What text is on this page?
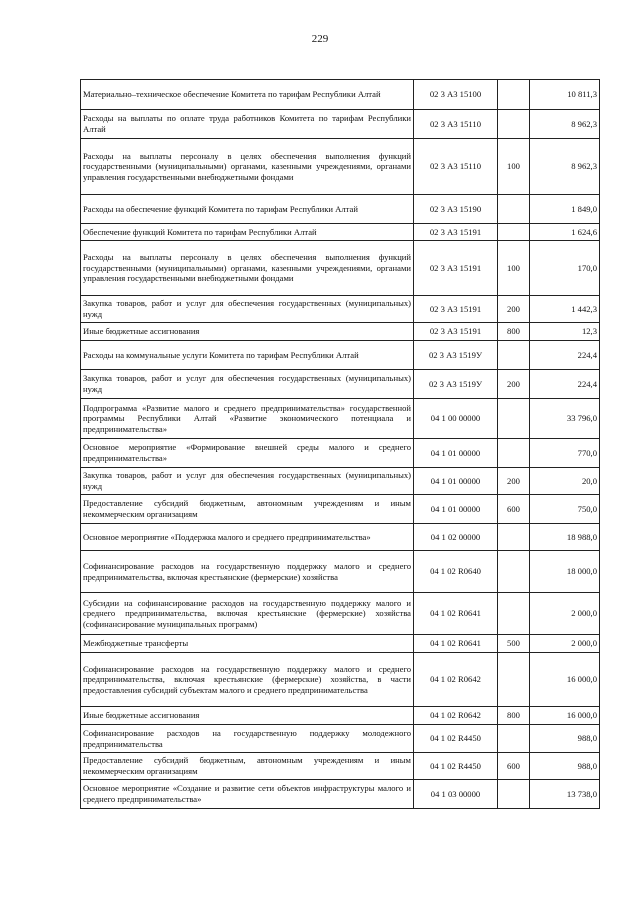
229
Материально–техническое обеспечение Комитета по тарифам Республики Алтай	02 3 А3 15100		10 811,3
Расходы на выплаты по оплате труда работников Комитета по тарифам Республики Алтай	02 3 А3 15110		8 962,3
Расходы на выплаты персоналу в целях обеспечения выполнения функций государственными (муниципальными) органами, казенными учреждениями, органами управления государственными внебюджетными фондами	02 3 А3 15110	100	8 962,3
Расходы на обеспечение функций Комитета по тарифам Республики Алтай	02 3 А3 15190		1 849,0
Обеспечение функций Комитета по тарифам Республики Алтай	02 3 А3 15191		1 624,6
Расходы на выплаты персоналу в целях обеспечения выполнения функций государственными (муниципальными) органами, казенными учреждениями, органами управления государственными внебюджетными фондами	02 3 А3 15191	100	170,0
Закупка товаров, работ и услуг для обеспечения государственных (муниципальных) нужд	02 3 А3 15191	200	1 442,3
Иные бюджетные ассигнования	02 3 А3 15191	800	12,3
Расходы на коммунальные услуги Комитета по тарифам Республики Алтай	02 3 А3 1519У		224,4
Закупка товаров, работ и услуг для обеспечения государственных (муниципальных) нужд	02 3 А3 1519У	200	224,4
Подпрограмма «Развитие малого и среднего предпринимательства» государственной программы Республики Алтай «Развитие экономического потенциала и предпринимательства»	04 1 00 00000		33 796,0
Основное мероприятие «Формирование внешней среды малого и среднего предпринимательства»	04 1 01 00000		770,0
Закупка товаров, работ и услуг для обеспечения государственных (муниципальных) нужд	04 1 01 00000	200	20,0
Предоставление субсидий бюджетным, автономным учреждениям и иным некоммерческим организациям	04 1 01 00000	600	750,0
Основное мероприятие «Поддержка малого и среднего предпринимательства»	04 1 02 00000		18 988,0
Софинансирование расходов на государственную поддержку малого и среднего предпринимательства, включая крестьянские (фермерские) хозяйства	04 1 02 R0640		18 000,0
Субсидии на софинансирование расходов на государственную поддержку малого и среднего предпринимательства, включая крестьянские (фермерские) хозяйства (софинансирование муниципальных программ)	04 1 02 R0641		2 000,0
Межбюджетные трансферты	04 1 02 R0641	500	2 000,0
Софинансирование расходов на государственную поддержку малого и среднего предпринимательства, включая крестьянские (фермерские) хозяйства, в части предоставления субсидий субъектам малого и среднего предпринимательства	04 1 02 R0642		16 000,0
Иные бюджетные ассигнования	04 1 02 R0642	800	16 000,0
Софинансирование расходов на государственную поддержку молодежного предпринимательства	04 1 02 R4450		988,0
Предоставление субсидий бюджетным, автономным учреждениям и иным некоммерческим организациям	04 1 02 R4450	600	988,0
Основное мероприятие «Создание и развитие сети объектов инфраструктуры малого и среднего предпринимательства»	04 1 03 00000		13 738,0
